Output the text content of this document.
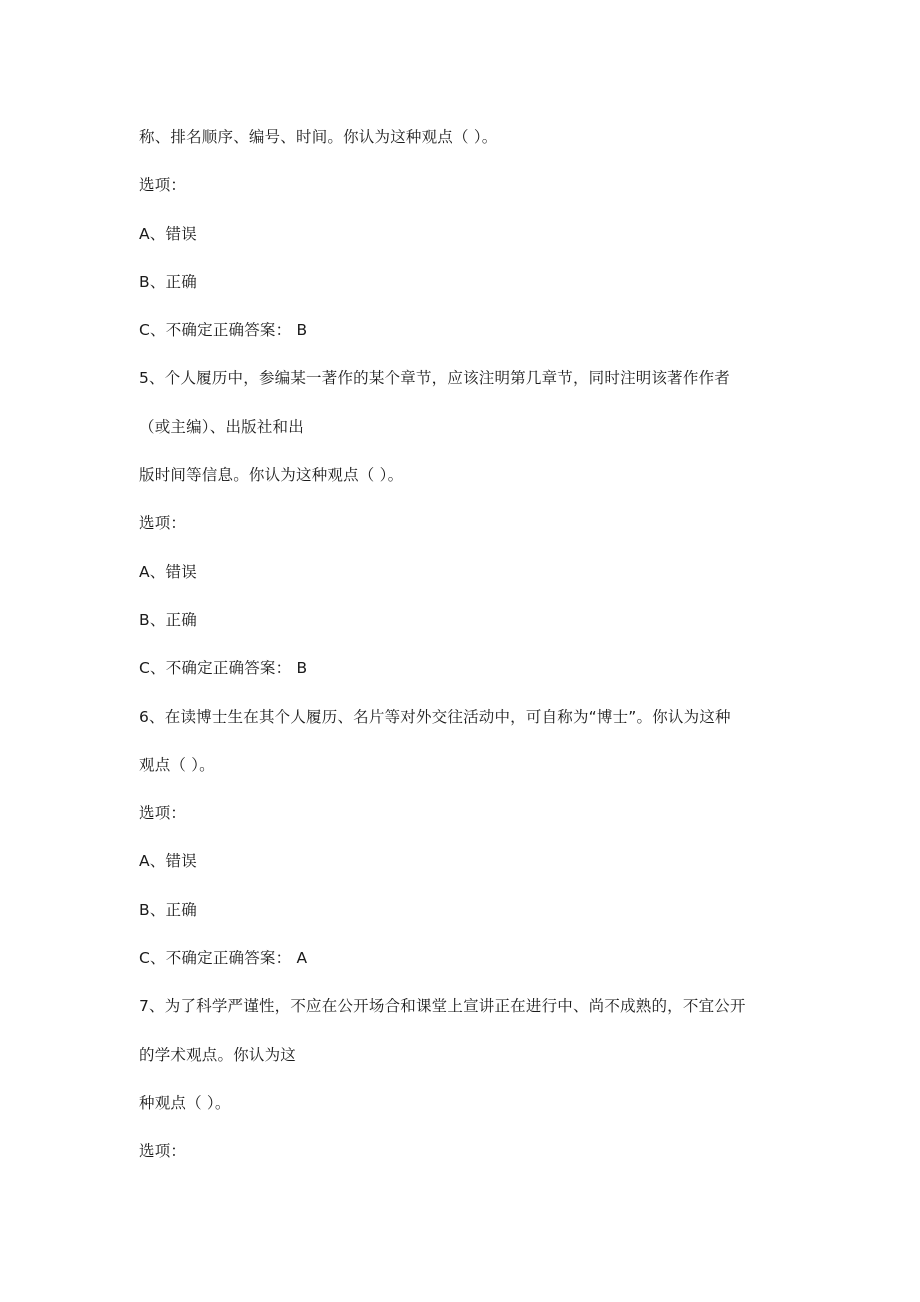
称、排名顺序、编号、时间。你认为这种观点（ ）。
选项：
A、错误
B、正确
C、不确定正确答案： B
5、个人履历中，参编某一著作的某个章节，应该注明第几章节，同时注明该著作作者
（或主编）、出版社和出
版时间等信息。你认为这种观点（ ）。
选项：
A、错误
B、正确
C、不确定正确答案： B
6、在读博士生在其个人履历、名片等对外交往活动中，可自称为“博士”。你认为这种
观点（ ）。
选项：
A、错误
B、正确
C、不确定正确答案： A
7、为了科学严谨性，不应在公开场合和课堂上宣讲正在进行中、尚不成熟的，不宜公开
的学术观点。你认为这
种观点（ ）。
选项：
